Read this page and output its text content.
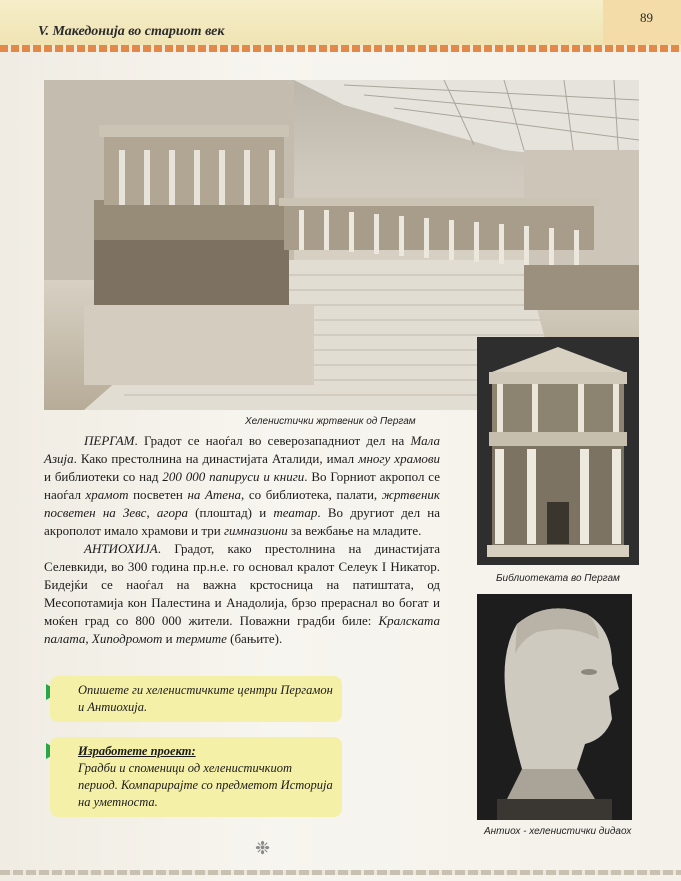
V. Македонија во стариот век
89
Хеленистички жртвеник од Пергам
Библиотеката во Пергам
Антиох - хеленистички дидаох

ПЕРГАМ. Градот се наоѓал во северозападниот дел на Мала Азија. Како престолнина на династијата Аталиди, имал многу храмови и библиотеки со над 200 000 папируси и книги. Во Горниот акропол се наоѓал храмот посветен на Атена, со библиотека, палати, жртвеник посветен на Зевс, агора (плоштад) и театар. Во другиот дел на акрополот имало храмови и три гимназиони за вежбање на младите.

АНТИОХИЈА. Градот, како престолнина на династијата Селевкиди, во 300 година пр.н.е. го основал кралот Селеук I Никатор. Бидејќи се наоѓал на важна крстосница на патиштата, од Месопотамија кон Палестина и Анадолија, брзо прераснал во богат и моќен град со 800 000 жители. Поважни градби биле: Кралската палата, Хиподромот и термите (бањите).

Опишете ги хеленистичките центри Пергамон и Антиохија.
Изработете проект:
Градби и споменици од хеленистичкиот период. Компарирајте со предметот Историја на уметноста.
❉
